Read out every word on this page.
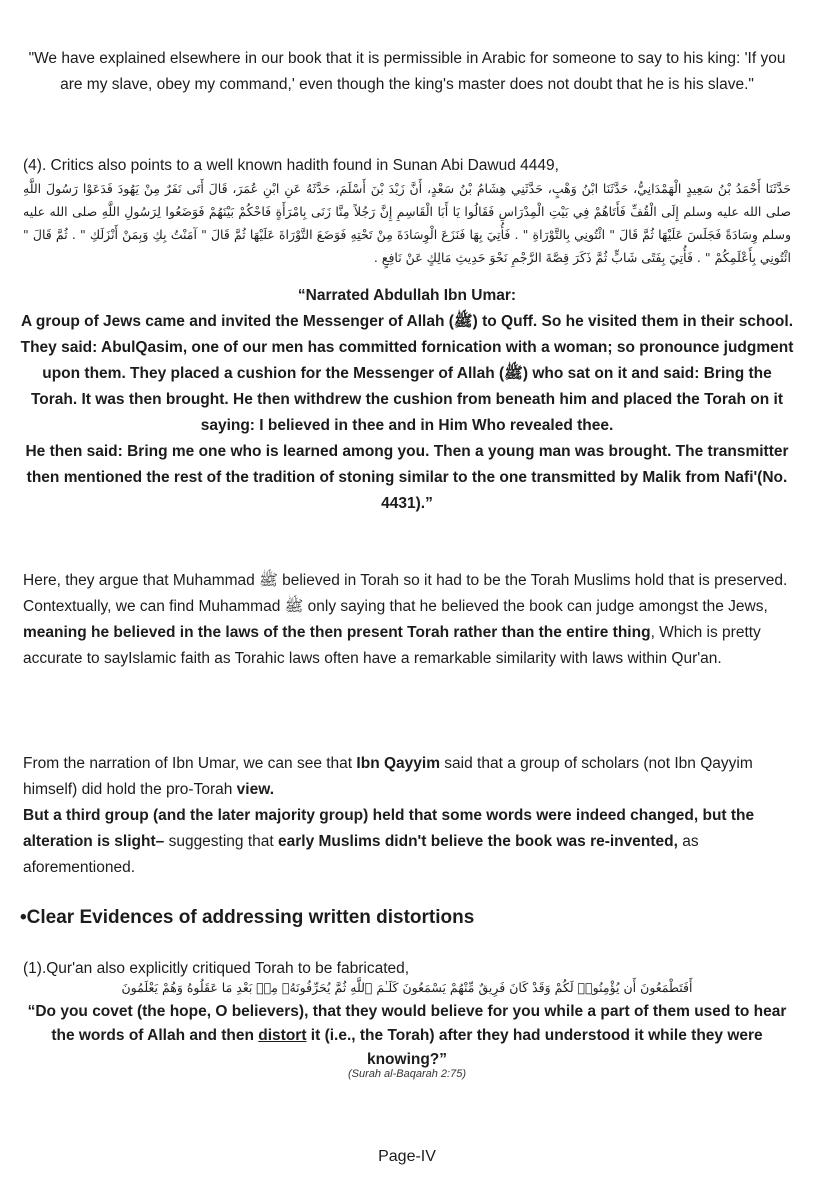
"We have explained elsewhere in our book that it is permissible in Arabic for someone to say to his king: 'If you are my slave, obey my command,' even though the king's master does not doubt that he is his slave."

(4). Critics also points to a well known hadith found in Sunan Abi Dawud 4449,

حَدَّثَنَا أَحْمَدُ بْنُ سَعِيدٍ الْهَمْدَانِيُّ، حَدَّثَنَا ابْنُ وَهْبٍ، حَدَّثَنِي هِشَامُ بْنُ سَعْدٍ، أَنَّ زَيْدَ بْنَ أَسْلَمَ، حَدَّثَهُ عَنِ ابْنِ عُمَرَ، قَالَ أَتَى نَفَرٌ مِنْ يَهُودَ فَدَعَوْا رَسُولَ اللَّهِ صلى الله عليه وسلم إِلَى الْقُفِّ فَأَتَاهُمْ فِي بَيْتِ الْمِدْرَاسِ فَقَالُوا يَا أَبَا الْقَاسِمِ إِنَّ رَجُلاً مِنَّا زَنَى بِامْرَأَةٍ فَاحْكُمْ بَيْنَهُمْ فَوَضَعُوا لِرَسُولِ اللَّهِ صلى الله عليه وسلم وِسَادَةً فَجَلَسَ عَلَيْهَا ثُمَّ قَالَ " ائْتُونِي بِالتَّوْرَاةِ " . فَأُتِيَ بِهَا فَنَزَعَ الْوِسَادَةَ مِنْ تَحْتِهِ فَوَضَعَ التَّوْرَاةَ عَلَيْهَا ثُمَّ قَالَ " آمَنْتُ بِكِ وَبِمَنْ أَنْزَلَكِ " . ثُمَّ قَالَ " ائْتُونِي بِأَعْلَمِكُمْ " . فَأُتِيَ بِفَتًى شَابٍّ ثُمَّ ذَكَرَ قِصَّةَ الرَّجْمِ نَحْوَ حَدِيثِ مَالِكٍ عَنْ نَافِعٍ .

“Narrated Abdullah Ibn Umar:

A group of Jews came and invited the Messenger of Allah (ﷺ) to Quff. So he visited them in their school.

They said: AbulQasim, one of our men has committed fornication with a woman; so pronounce judgment upon them. They placed a cushion for the Messenger of Allah (ﷺ) who sat on it and said: Bring the Torah. It was then brought. He then withdrew the cushion from beneath him and placed the Torah on it saying: I believed in thee and in Him Who revealed thee.

He then said: Bring me one who is learned among you. Then a young man was brought. The transmitter then mentioned the rest of the tradition of stoning similar to the one transmitted by Malik from Nafi'(No. 4431).”

Here, they argue that Muhammad ﷺ believed in Torah so it had to be the Torah Muslims hold that is preserved.

Contextually, we can find Muhammad ﷺ only saying that he believed the book can judge amongst the Jews, meaning he believed in the laws of the then present Torah rather than the entire thing, Which is pretty accurate to sayIslamic faith as Torahic laws often have a remarkable similarity with laws within Qur'an.

From the narration of Ibn Umar, we can see that Ibn Qayyim said that a group of scholars (not Ibn Qayyim himself) did hold the pro-Torah view.

But a third group (and the later majority group) held that some words were indeed changed, but the alteration is slight– suggesting that early Muslims didn't believe the book was re-invented, as aforementioned.

•Clear Evidences of addressing written distortions

(1).Qur'an also explicitly critiqued Torah to be fabricated,

أَفَتَطْمَعُونَ أَن يُؤْمِنُوا۟ لَكُمْ وَقَدْ كَانَ فَرِيقٌ مِّنْهُمْ يَسْمَعُونَ كَلَـٰمَ ٱللَّهِ ثُمَّ يُحَرِّفُونَهُۥ مِنۢ بَعْدِ مَا عَقَلُوهُ وَهُمْ يَعْلَمُونَ

“Do you covet (the hope, O believers), that they would believe for you while a part of them used to hear the words of Allah and then distort it (i.e., the Torah) after they had understood it while they were knowing?”

(Surah al-Baqarah 2:75)

Page-IV
